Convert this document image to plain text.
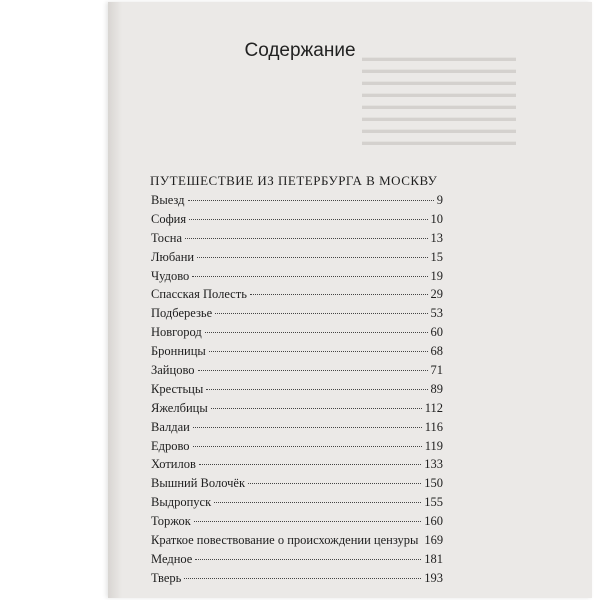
▬▬▬▬▬▬▬▬▬▬▬▬▬▬
▬▬▬▬▬▬▬▬▬▬▬▬▬▬
▬▬▬▬▬▬▬▬▬▬▬▬▬▬
▬▬▬▬▬▬▬▬▬▬▬▬▬▬
▬▬▬▬▬▬▬▬▬▬▬▬▬▬
▬▬▬▬▬▬▬▬▬▬▬▬▬▬
▬▬▬▬▬▬▬▬▬▬▬▬▬▬
▬▬▬▬▬▬▬▬▬▬▬▬▬▬
Содержание
ПУТЕШЕСТВИЕ ИЗ ПЕТЕРБУРГА В МОСКВУ
Выезд	9
София	10
Тосна	13
Любани	15
Чудово	19
Спасская Полесть	29
Подберезье	53
Новгород	60
Бронницы	68
Зайцово	71
Крестьцы	89
Яжелбицы	112
Валдаи	116
Едрово	119
Хотилов	133
Вышний Волочёк	150
Выдропуск	155
Торжок	160
Краткое повествование о происхождении цензуры 169
Медное	181
Тверь	193
